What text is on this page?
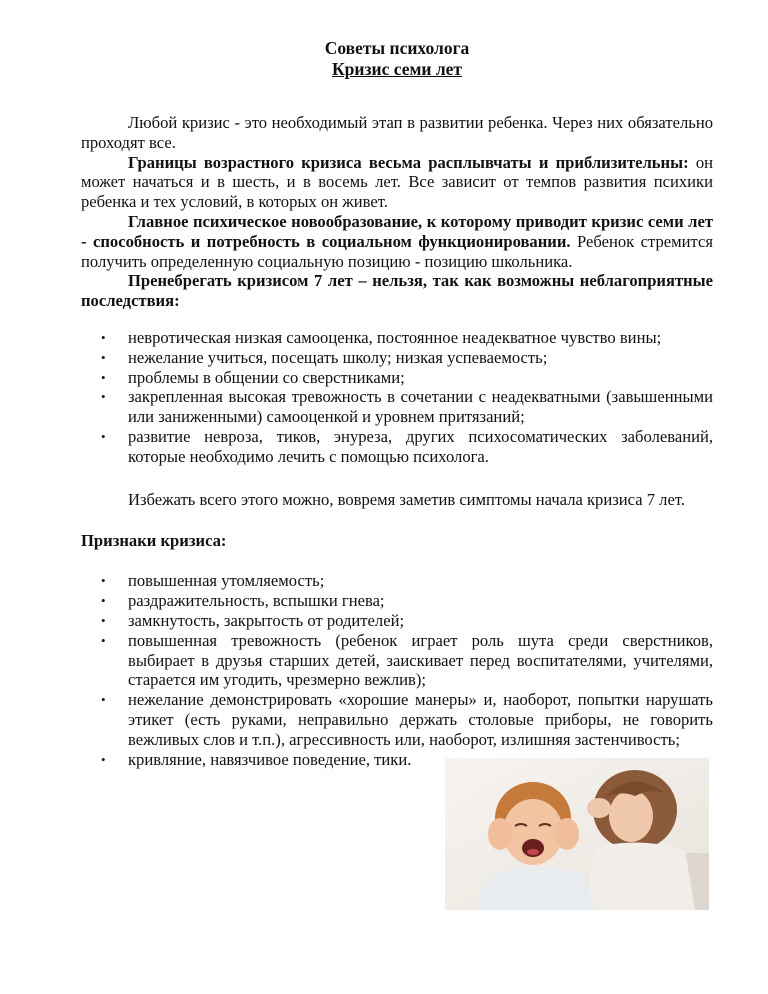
Советы психолога
Кризис семи лет

Любой кризис - это необходимый этап в развитии ребенка. Через них обязательно проходят все.

Границы возрастного кризиса весьма расплывчаты и приблизительны: он может начаться и в шесть, и в восемь лет. Все зависит от темпов развития психики ребенка и тех условий, в которых он живет.

Главное психическое новообразование, к которому приводит кризис семи лет - способность и потребность в социальном функционировании. Ребенок стремится получить определенную социальную позицию - позицию школьника.

Пренебрегать кризисом 7 лет – нельзя, так как возможны неблагоприятные последствия:

• невротическая низкая самооценка, постоянное неадекватное чувство вины;
• нежелание учиться, посещать школу; низкая успеваемость;
• проблемы в общении со сверстниками;
• закрепленная высокая тревожность в сочетании с неадекватными (завышенными или заниженными) самооценкой и уровнем притязаний;
• развитие невроза, тиков, энуреза, других психосоматических заболеваний, которые необходимо лечить с помощью психолога.

Избежать всего этого можно, вовремя заметив симптомы начала кризиса 7 лет.

Признаки кризиса:
• повышенная утомляемость;
• раздражительность, вспышки гнева;
• замкнутость, закрытость от родителей;
• повышенная тревожность (ребенок играет роль шута среди сверстников, выбирает в друзья старших детей, заискивает перед воспитателями, учителями, старается им угодить, чрезмерно вежлив);
• нежелание демонстрировать «хорошие манеры» и, наоборот, попытки нарушать этикет (есть руками, неправильно держать столовые приборы, не говорить вежливых слов и т.п.), агрессивность или, наоборот, излишняя застенчивость;
• кривляние, навязчивое поведение, тики.
